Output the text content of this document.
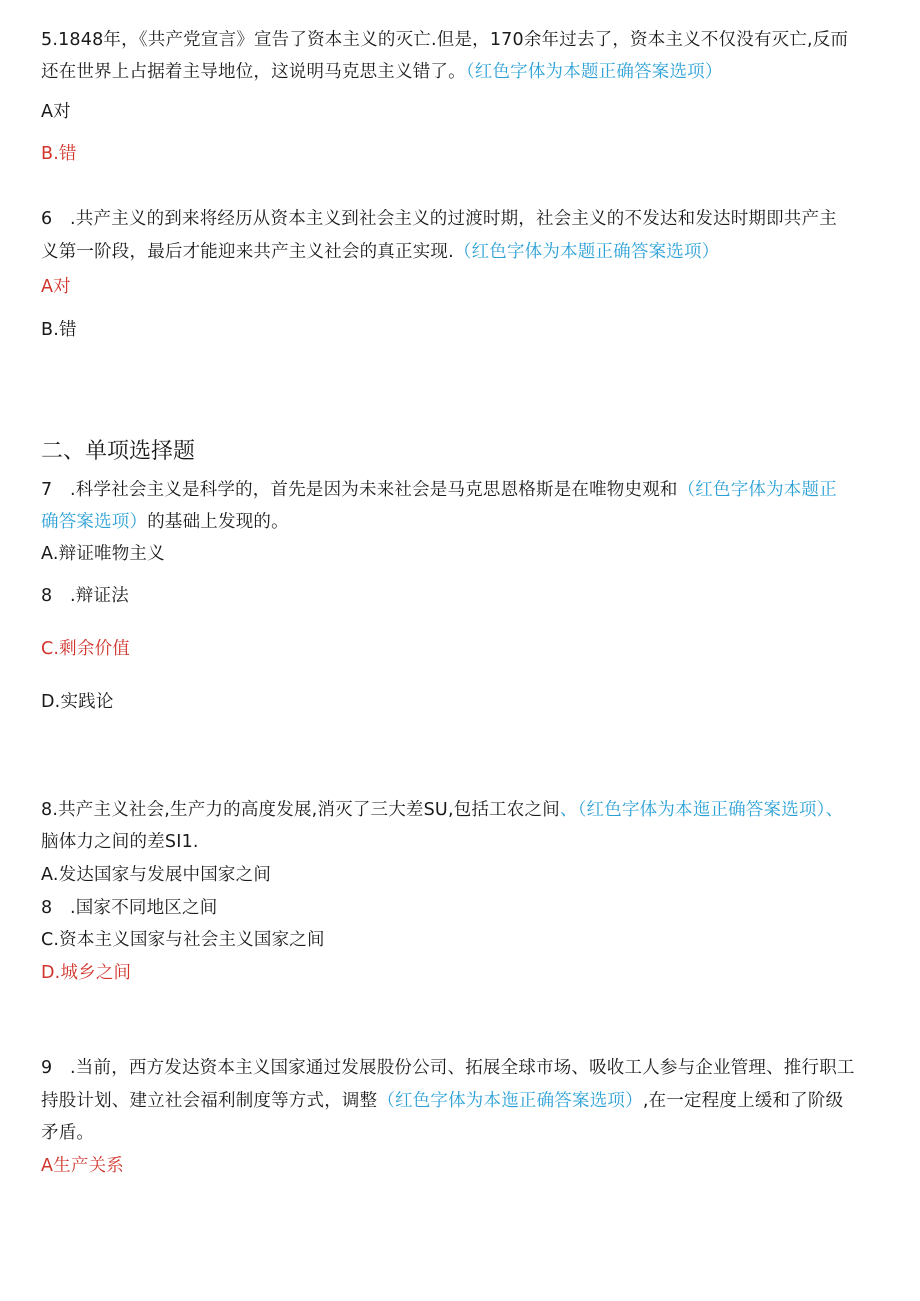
5.1848年，《共产党宣言》宣告了资本主义的灭亡.但是，170余年过去了，资本主义不仅没有灭亡,反而
还在世界上占据着主导地位，这说明马克思主义错了。（红色字体为本题正确答案选项）
A对
B.错
6　.共产主义的到来将经历从资本主义到社会主义的过渡时期，社会主义的不发达和发达时期即共产主
义第一阶段，最后才能迎来共产主义社会的真正实现.（红色字体为本题正确答案选项）
A对
B.错
二、单项选择题
7　.科学社会主义是科学的，首先是因为未来社会是马克思恩格斯是在唯物史观和（红色字体为本题正
确答案选项）的基础上发现的。
A.辩证唯物主义
8　.辩证法
C.剩余价值
D.实践论
8.共产主义社会,生产力的高度发展,消灭了三大差SU,包括工农之间、（红色字体为本迤正确答案选项）、
脑体力之间的差SI1.
A.发达国家与发展中国家之间
8　.国家不同地区之间
C.资本主义国家与社会主义国家之间
D.城乡之间
9　.当前，西方发达资本主义国家通过发展股份公司、拓展全球市场、吸收工人参与企业管理、推行职工
持股计划、建立社会福利制度等方式，调整（红色字体为本迤正确答案选项）,在一定程度上缓和了阶级
矛盾。
A生产关系
